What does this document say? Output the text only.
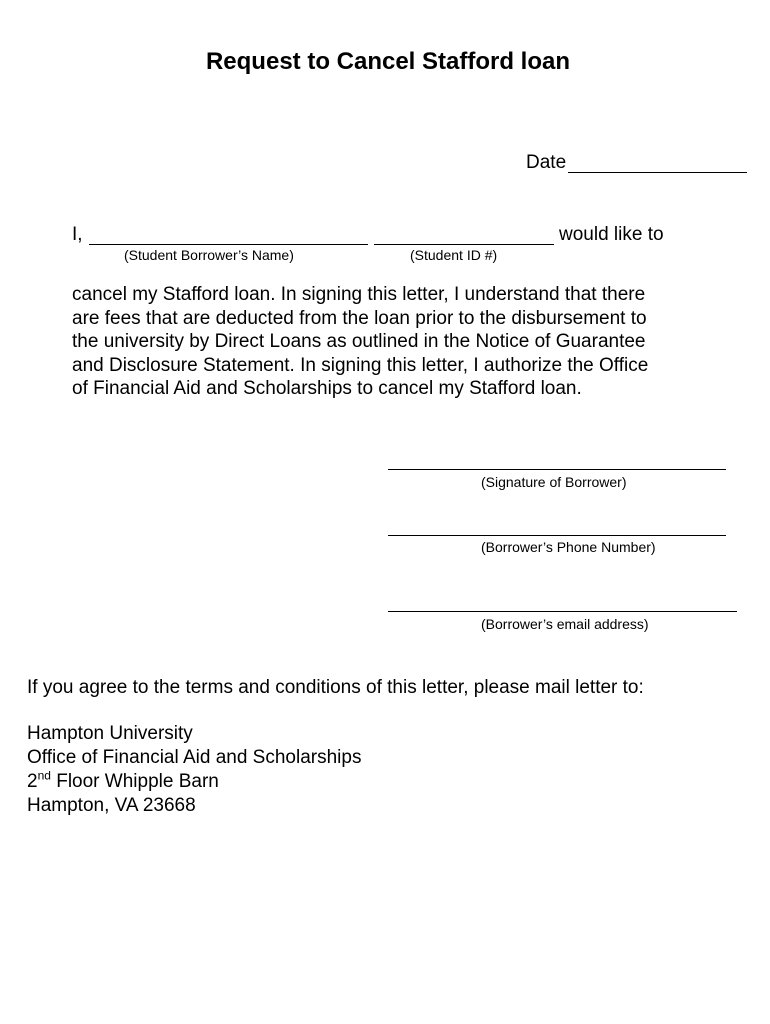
Request to Cancel Stafford loan
Date
I,	would like to
(Student Borrower’s Name)	(Student ID #)
cancel my Stafford loan. In signing this letter, I understand that there
are fees that are deducted from the loan prior to the disbursement to
the university by Direct Loans as outlined in the Notice of Guarantee
and Disclosure Statement. In signing this letter, I authorize the Office
of Financial Aid and Scholarships to cancel my Stafford loan.
(Signature of Borrower)
(Borrower’s Phone Number)
(Borrower’s email address)
If you agree to the terms and conditions of this letter, please mail letter to:
Hampton University
Office of Financial Aid and Scholarships
2nd Floor Whipple Barn
Hampton, VA 23668
